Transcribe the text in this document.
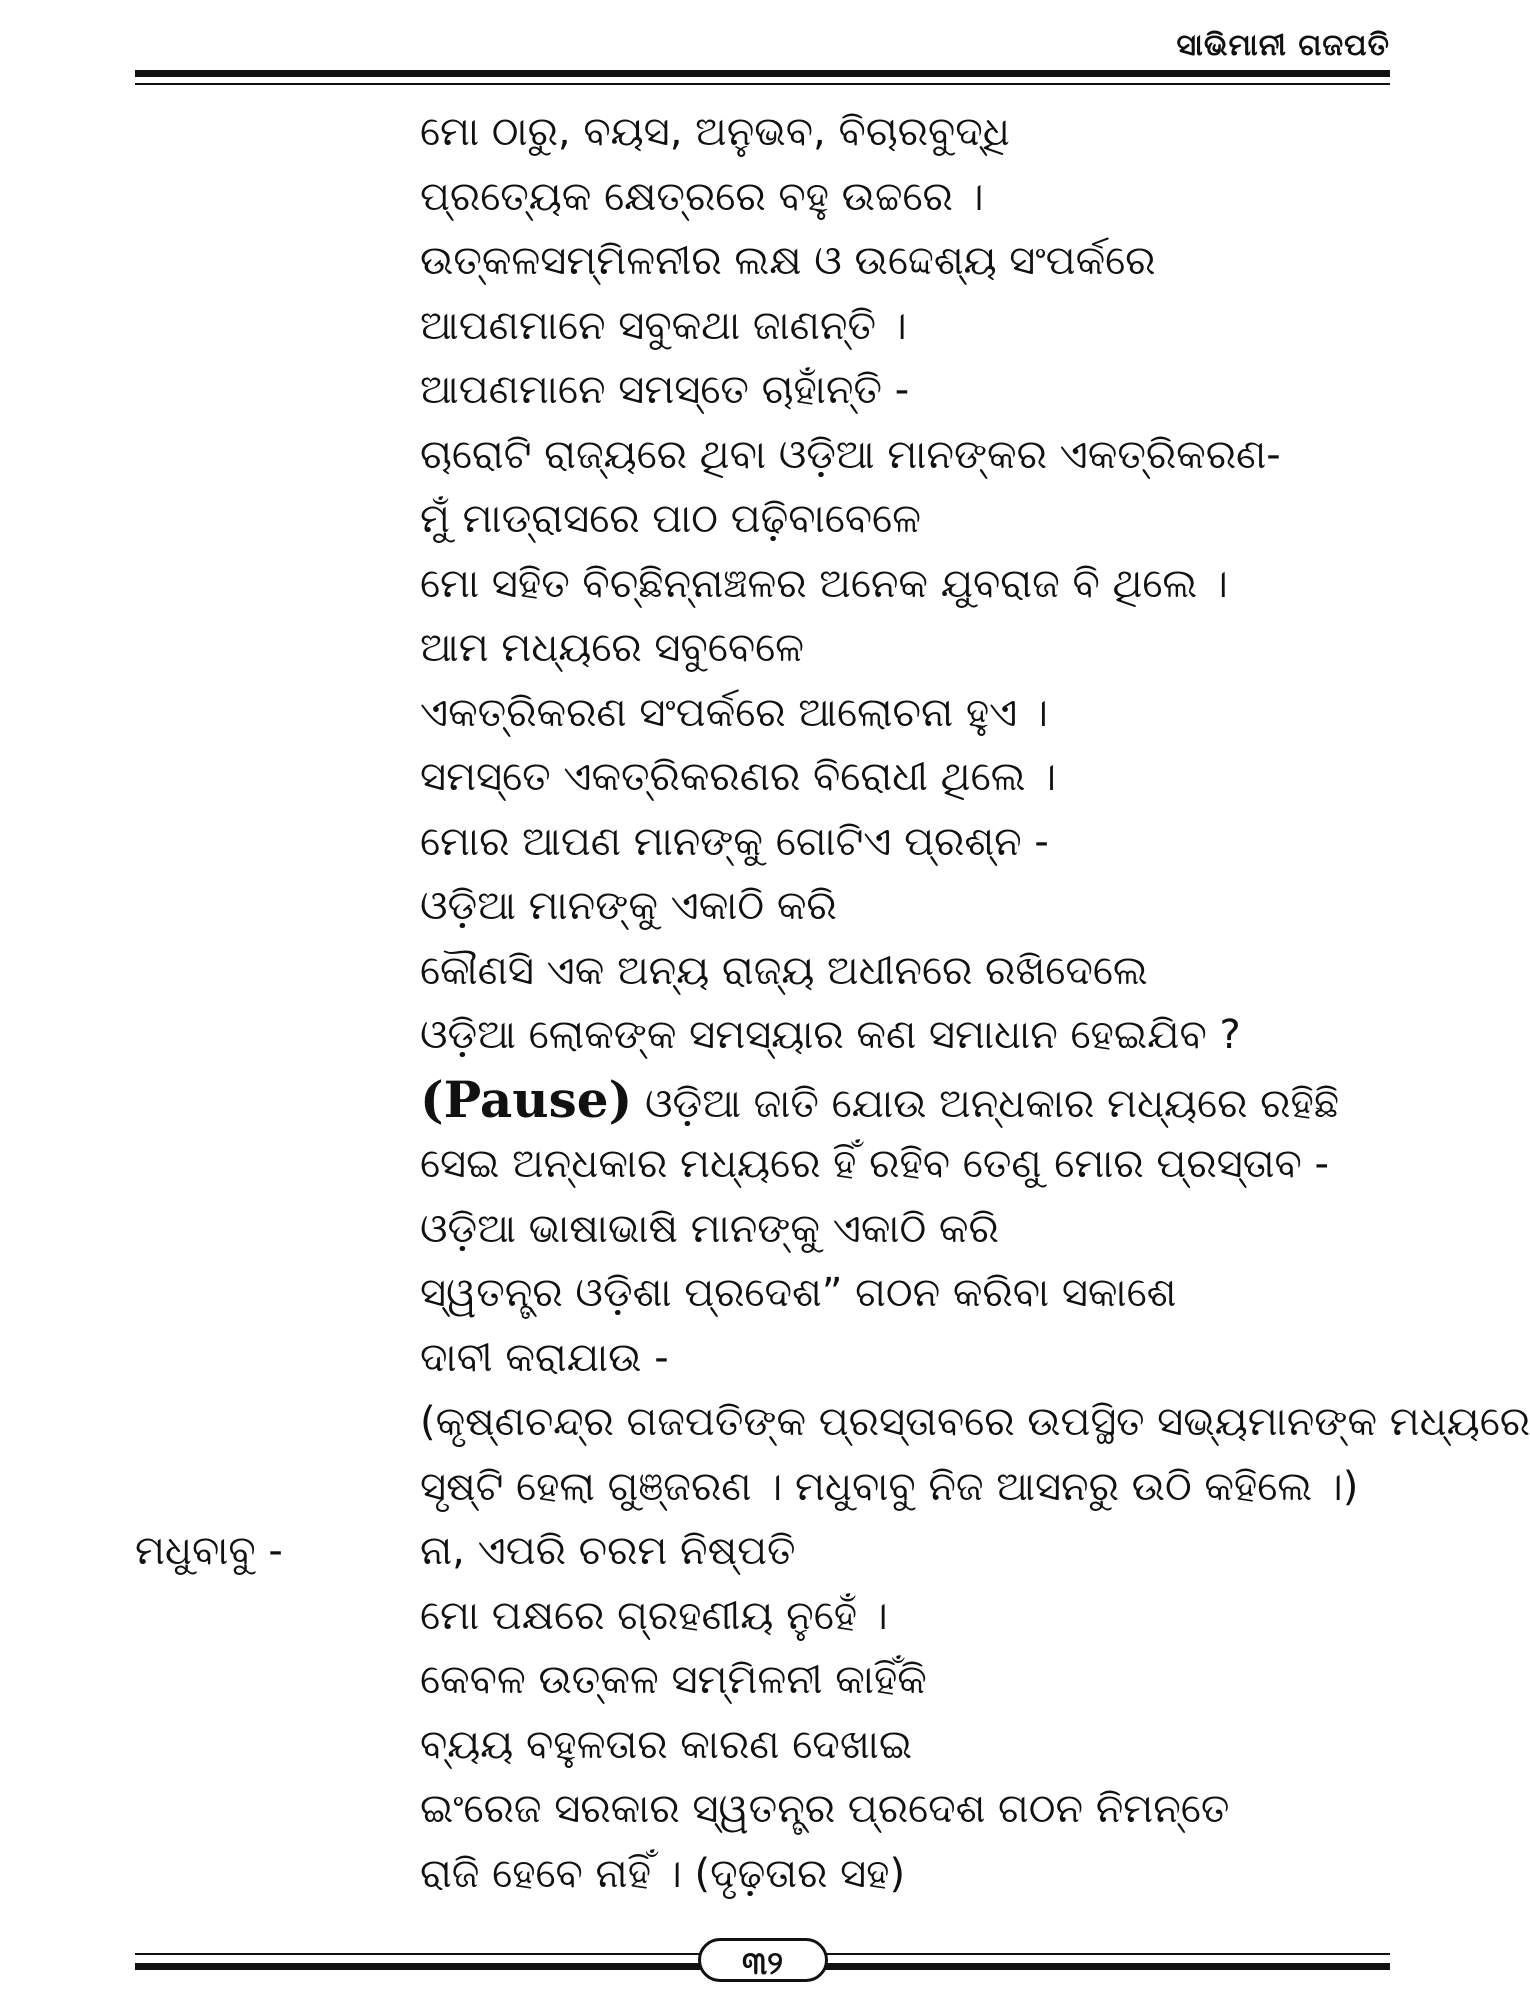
ସାଭିମାନୀ ଗଜପତି
ମୋ ଠାରୁ, ବୟସ, ଅନୁଭବ, ବିଚାରବୁଦ୍ଧି
ପ୍ରତ୍ୟେକ କ୍ଷେତ୍ରରେ ବହୁ ଉଚ୍ଚରେ ।
ଉତ୍କଳସମ୍ମିଳନୀର ଲକ୍ଷ ଓ ଉଦ୍ଦେଶ୍ୟ ସଂପର୍କରେ
ଆପଣମାନେ ସବୁକଥା ଜାଣନ୍ତି ।
ଆପଣମାନେ ସମସ୍ତେ ଚାହାଁନ୍ତି -
ଚାରୋଟି ରାଜ୍ୟରେ ଥିବା ଓଡ଼ିଆ ମାନଙ୍କର ଏକତ୍ରିକରଣ-
ମୁଁ ମାଡ୍ରାସରେ ପାଠ ପଢ଼ିବାବେଳେ
ମୋ ସହିତ ବିଚ୍ଛିନ୍ନାଞ୍ଚଳର ଅନେକ ଯୁବରାଜ ବି ଥିଲେ ।
ଆମ ମଧ୍ୟରେ ସବୁବେଳେ
ଏକତ୍ରିକରଣ ସଂପର୍କରେ ଆଲୋଚନା ହୁଏ ।
ସମସ୍ତେ ଏକତ୍ରିକରଣର ବିରୋଧୀ ଥିଲେ ।
ମୋର ଆପଣ ମାନଙ୍କୁ ଗୋଟିଏ ପ୍ରଶ୍ନ -
ଓଡ଼ିଆ ମାନଙ୍କୁ ଏକାଠି କରି
କୌଣସି ଏକ ଅନ୍ୟ ରାଜ୍ୟ ଅଧୀନରେ ରଖିଦେଲେ
ଓଡ଼ିଆ ଲୋକଙ୍କ ସମସ୍ୟାର କଣ ସମାଧାନ ହେଇଯିବ ?
(Pause) ଓଡ଼ିଆ ଜାତି ଯୋଉ ଅନ୍ଧକାର ମଧ୍ୟରେ ରହିଛି
ସେଇ ଅନ୍ଧକାର ମଧ୍ୟରେ ହିଁ ରହିବ ତେଣୁ ମୋର ପ୍ରସ୍ତାବ -
ଓଡ଼ିଆ ଭାଷାଭାଷି ମାନଙ୍କୁ ଏକାଠି କରି
ସ୍ୱତନ୍ତ୍ର ଓଡ଼ିଶା ପ୍ରଦେଶ” ଗଠନ କରିବା ସକାଶେ
ଦାବୀ କରାଯାଉ -
(କୃଷ୍ଣଚନ୍ଦ୍ର ଗଜପତିଙ୍କ ପ୍ରସ୍ତାବରେ ଉପସ୍ଥିତ ସଭ୍ୟମାନଙ୍କ ମଧ୍ୟରେ
ସୃଷ୍ଟି ହେଲା ଗୁଞ୍ଜରଣ । ମଧୁବାବୁ ନିଜ ଆସନରୁ ଉଠି କହିଲେ ।)
ନା, ଏପରି ଚରମ ନିଷ୍ପତି
ମୋ ପକ୍ଷରେ ଗ୍ରହଣୀୟ ନୁହେଁ ।
କେବଳ ଉତ୍କଳ ସମ୍ମିଳନୀ କାହିଁକି
ବ୍ୟୟ ବହୁଳତାର କାରଣ ଦେଖାଇ
ଇଂରେଜ ସରକାର ସ୍ୱତନ୍ତ୍ର ପ୍ରଦେଶ ଗଠନ ନିମନ୍ତେ
ରାଜି ହେବେ ନାହିଁ । (ଦୃଢ଼ତାର ସହ)
ମଧୁବାବୁ -
୩୨
